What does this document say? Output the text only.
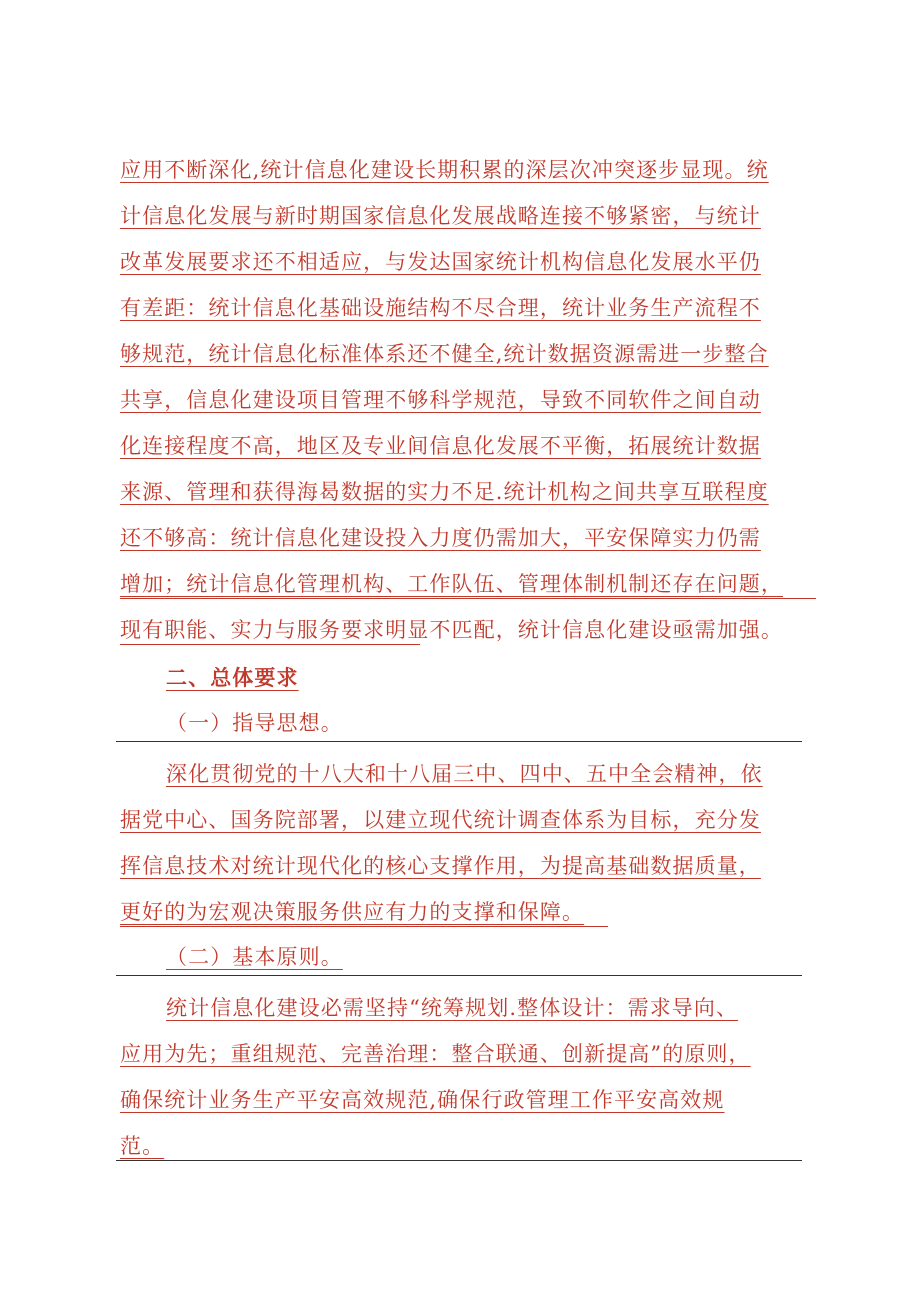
应用不断深化,统计信息化建设长期积累的深层次冲突逐步显现。统
计信息化发展与新时期国家信息化发展战略连接不够紧密，与统计
改革发展要求还不相适应，与发达国家统计机构信息化发展水平仍
有差距：统计信息化基础设施结构不尽合理，统计业务生产流程不
够规范，统计信息化标准体系还不健全,统计数据资源需进一步整合
共享，信息化建设项目管理不够科学规范，导致不同软件之间自动
化连接程度不高，地区及专业间信息化发展不平衡，拓展统计数据
来源、管理和获得海曷数据的实力不足.统计机构之间共享互联程度
还不够高：统计信息化建设投入力度仍需加大，平安保障实力仍需
增加；统计信息化管理机构、工作队伍、管理体制机制还存在问题，
现有职能、实力与服务要求明显不匹配，统计信息化建设亟需加强。
二、总体要求
（一）指导思想。
深化贯彻党的十八大和十八届三中、四中、五中全会精神，依
据党中心、国务院部署，以建立现代统计调查体系为目标，充分发
挥信息技术对统计现代化的核心支撑作用，为提高基础数据质量，
更好的为宏观决策服务供应有力的支撑和保障。
（二）基本原则。
统计信息化建设必需坚持“统筹规划.整体设计：需求导向、
应用为先；重组规范、完善治理：整合联通、创新提高”的原则，
确保统计业务生产平安高效规范,确保行政管理工作平安高效规
范。
